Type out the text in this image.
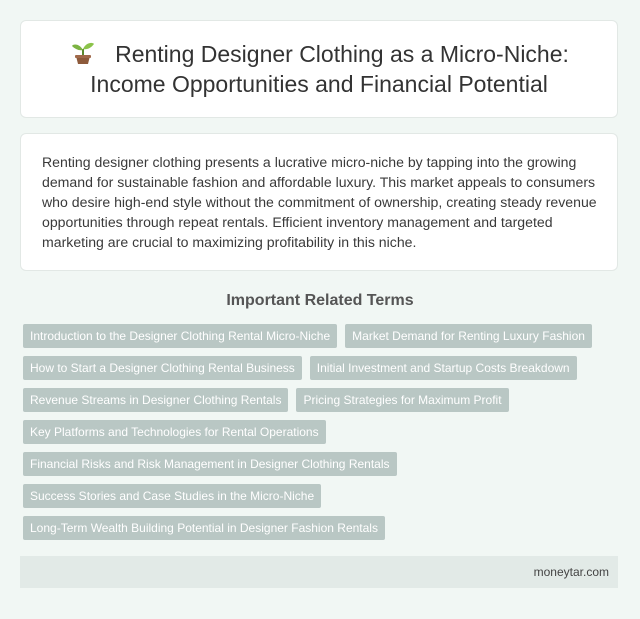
Renting Designer Clothing as a Micro-Niche: Income Opportunities and Financial Potential

Renting designer clothing presents a lucrative micro-niche by tapping into the growing demand for sustainable fashion and affordable luxury. This market appeals to consumers who desire high-end style without the commitment of ownership, creating steady revenue opportunities through repeat rentals. Efficient inventory management and targeted marketing are crucial to maximizing profitability in this niche.

Important Related Terms
Introduction to the Designer Clothing Rental Micro-Niche	Market Demand for Renting Luxury Fashion
How to Start a Designer Clothing Rental Business	Initial Investment and Startup Costs Breakdown
Revenue Streams in Designer Clothing Rentals	Pricing Strategies for Maximum Profit
Key Platforms and Technologies for Rental Operations
Financial Risks and Risk Management in Designer Clothing Rentals
Success Stories and Case Studies in the Micro-Niche
Long-Term Wealth Building Potential in Designer Fashion Rentals
moneytar.com
